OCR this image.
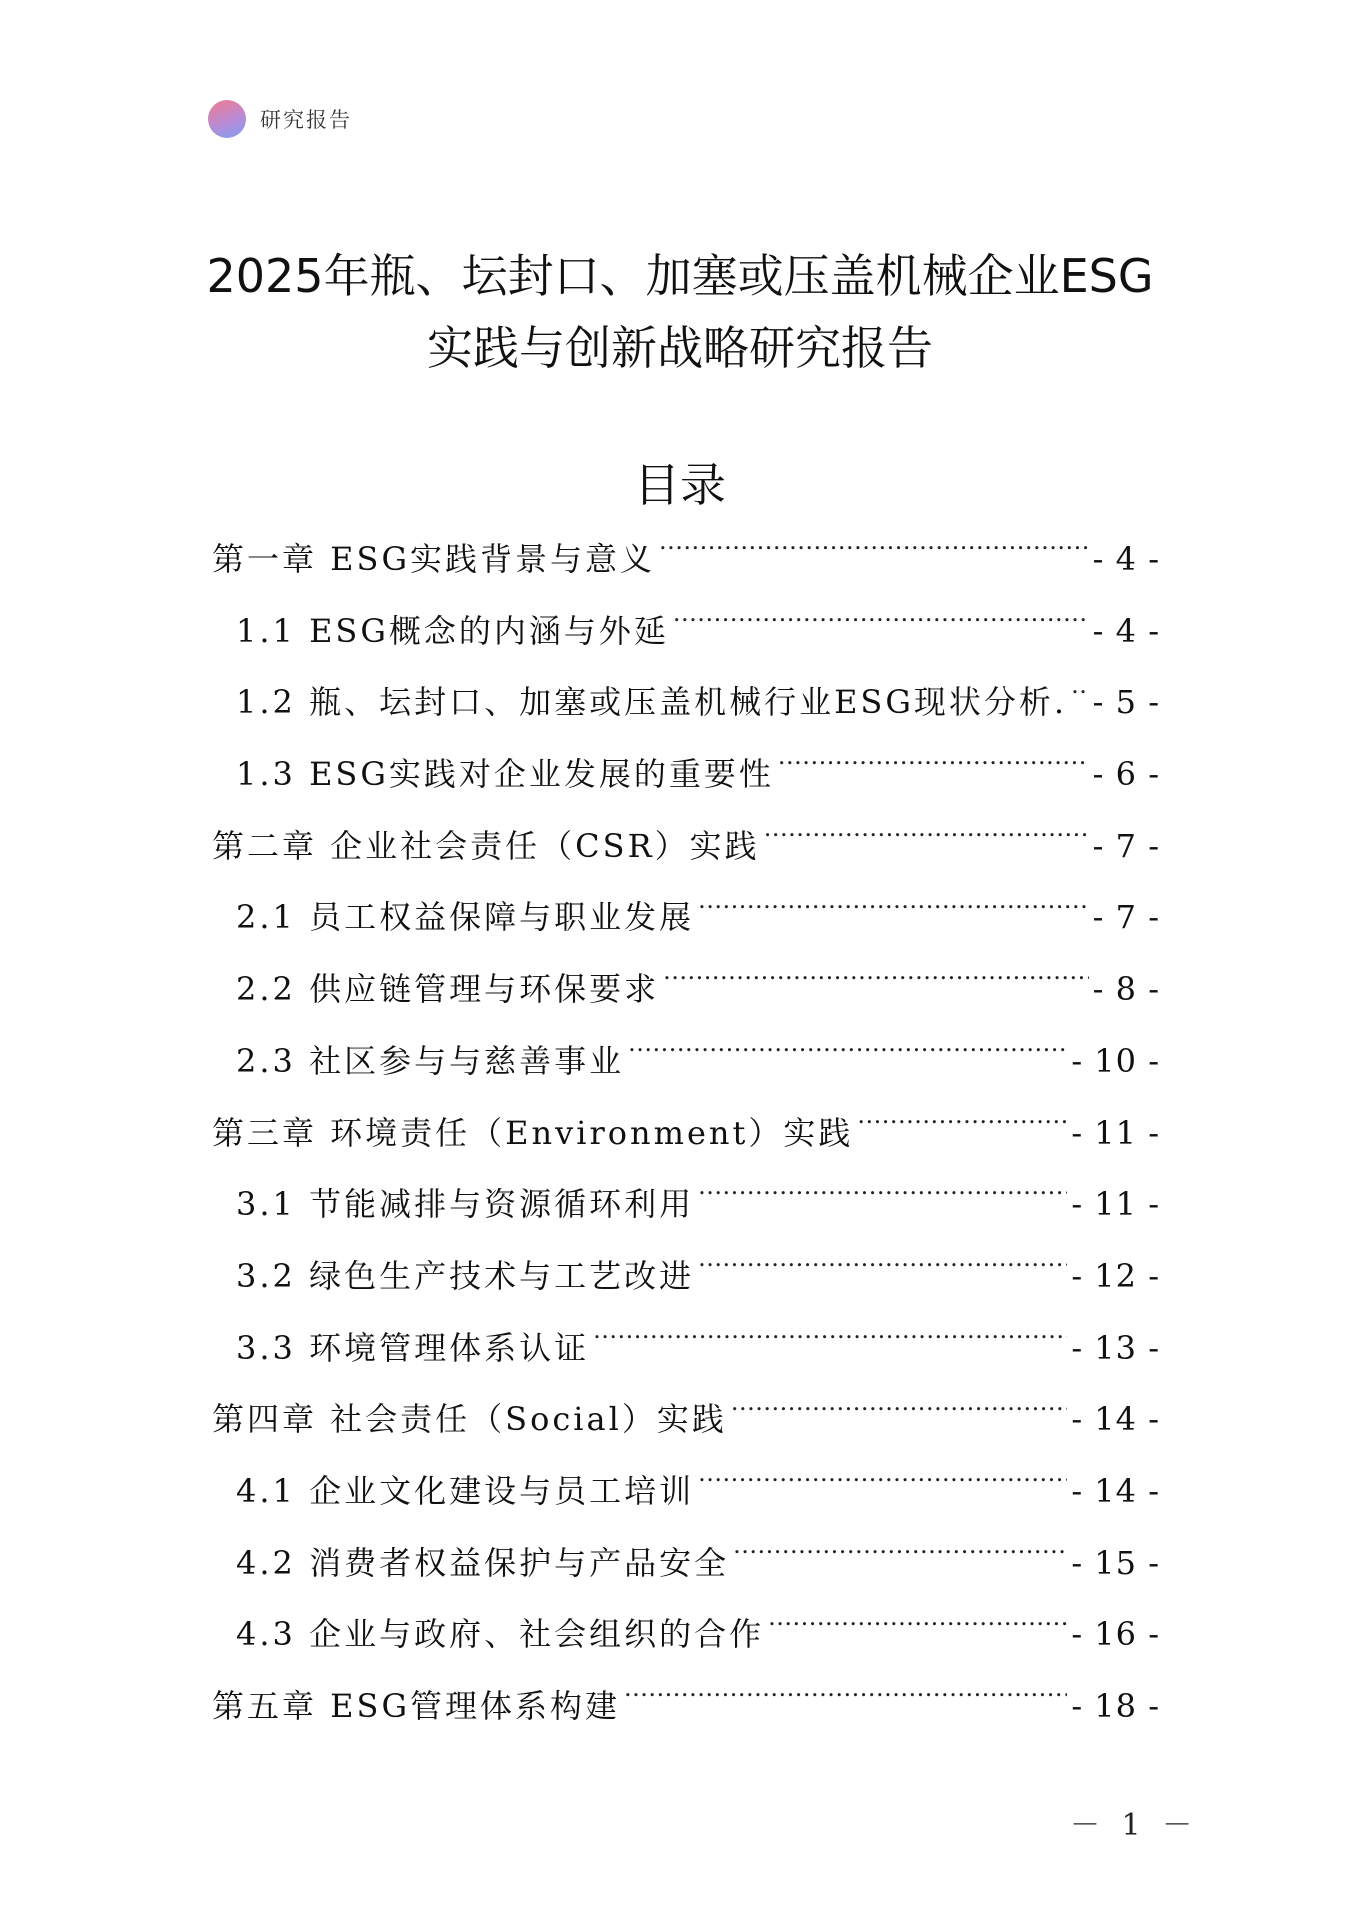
研究报告
2025年瓶、坛封口、加塞或压盖机械企业ESG
实践与创新战略研究报告
目录
第一章 ESG实践背景与意义 .....	- 4 -
1.1 ESG概念的内涵与外延 .....	- 4 -
1.2 瓶、坛封口、加塞或压盖机械行业ESG现状分析. ..... - 5 -
1.3 ESG实践对企业发展的重要性 .....	- 6 -
第二章 企业社会责任（CSR）实践 .....	- 7 -
2.1 员工权益保障与职业发展 .....	- 7 -
2.2 供应链管理与环保要求 .....	- 8 -
2.3 社区参与与慈善事业 .....	- 10 -
第三章 环境责任（Environment）实践 .....	- 11 -
3.1 节能减排与资源循环利用 .....	- 11 -
3.2 绿色生产技术与工艺改进 .....	- 12 -
3.3 环境管理体系认证 .....	- 13 -
第四章 社会责任（Social）实践 .....	- 14 -
4.1 企业文化建设与员工培训 .....	- 14 -
4.2 消费者权益保护与产品安全 .....	- 15 -
4.3 企业与政府、社会组织的合作 .....	- 16 -
第五章 ESG管理体系构建 .....	- 18 -
－ 1 －
